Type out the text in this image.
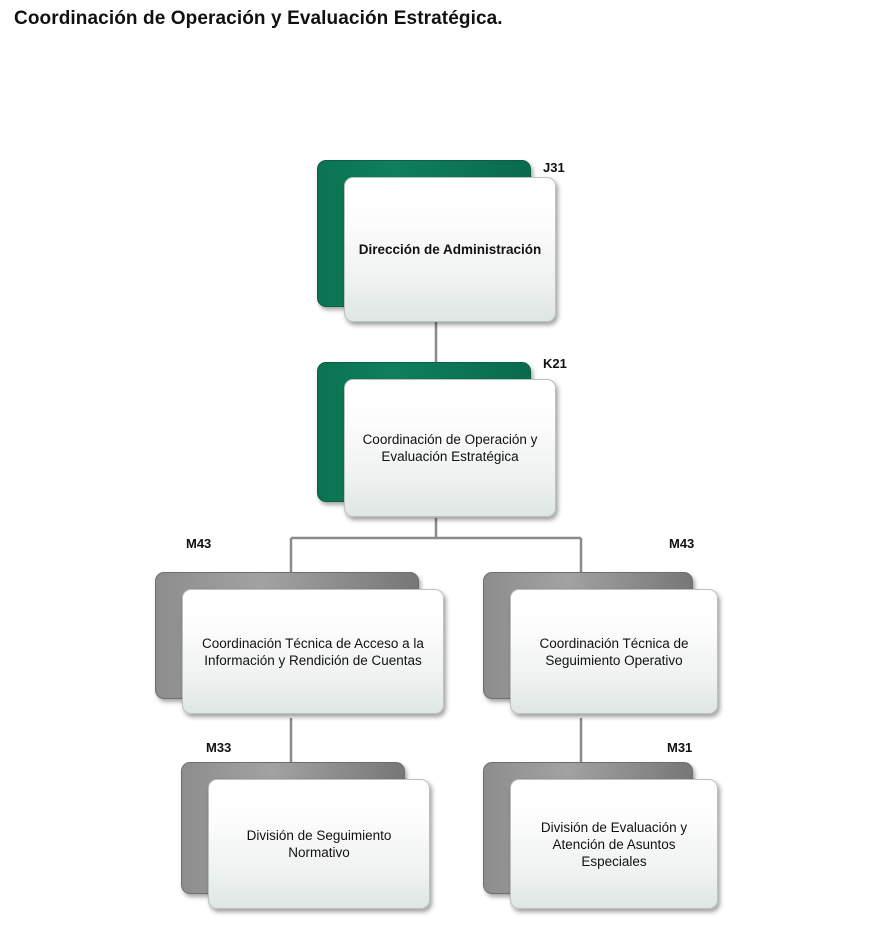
Coordinación de Operación y Evaluación Estratégica.
Dirección de Administración
J31
Coordinación de Operación y Evaluación Estratégica
K21
Coordinación Técnica de Acceso a la Información y Rendición de Cuentas
M43
Coordinación Técnica de Seguimiento Operativo
M43
División de Seguimiento Normativo
M33
División de Evaluación y Atención de Asuntos Especiales
M31
